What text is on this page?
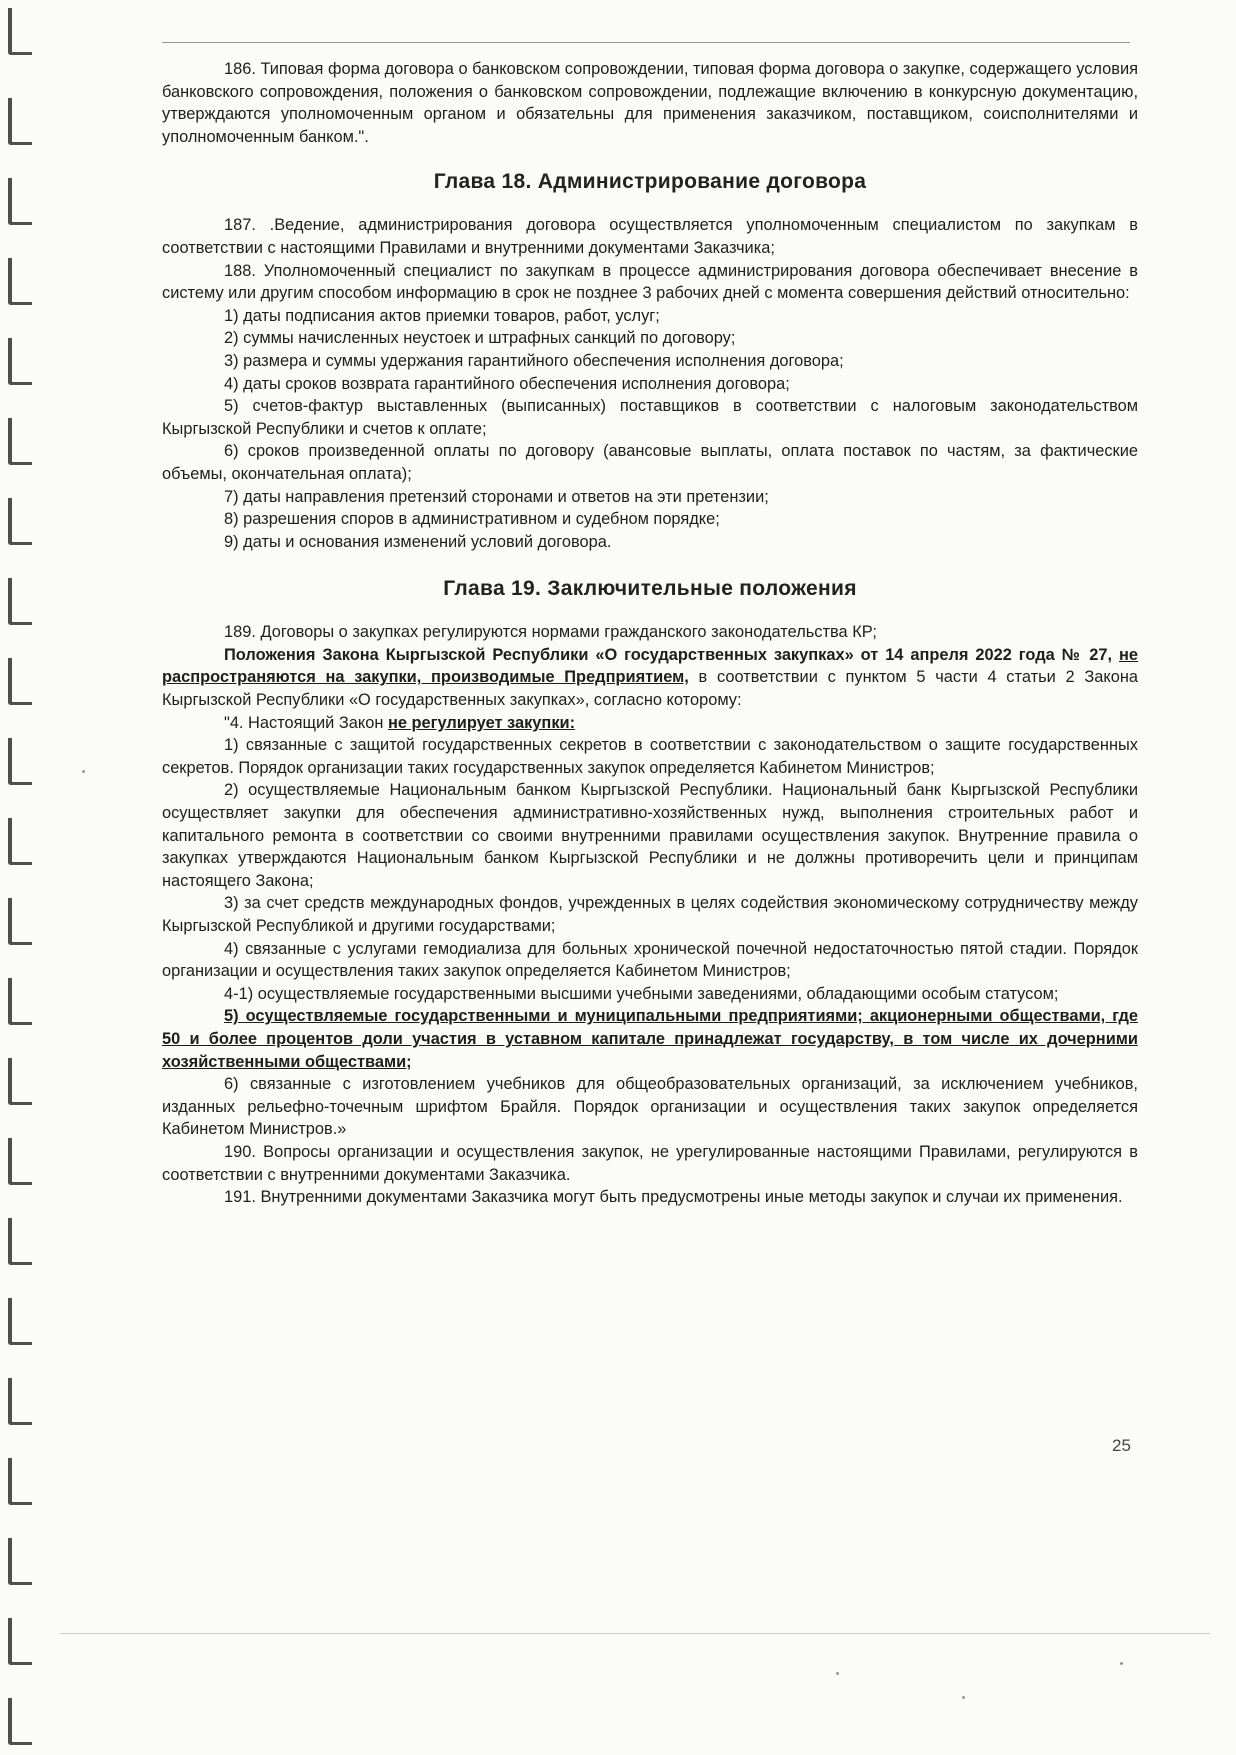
186. Типовая форма договора о банковском сопровождении, типовая форма договора о закупке, содержащего условия банковского сопровождения, положения о банковском сопровождении, подлежащие включению в конкурсную документацию, утверждаются уполномоченным органом и обязательны для применения заказчиком, поставщиком, соисполнителями и уполномоченным банком.".

Глава 18. Администрирование договора

187. .Ведение, администрирования договора осуществляется уполномоченным специалистом по закупкам в соответствии с настоящими Правилами и внутренними документами Заказчика;

188. Уполномоченный специалист по закупкам в процессе администрирования договора обеспечивает внесение в систему или другим способом информацию в срок не позднее 3 рабочих дней с момента совершения действий относительно:

1) даты подписания актов приемки товаров, работ, услуг;

2) суммы начисленных неустоек и штрафных санкций по договору;

3) размера и суммы удержания гарантийного обеспечения исполнения договора;

4) даты сроков возврата гарантийного обеспечения исполнения договора;

5) счетов-фактур выставленных (выписанных) поставщиков в соответствии с налоговым законодательством Кыргызской Республики и счетов к оплате;

6) сроков произведенной оплаты по договору (авансовые выплаты, оплата поставок по частям, за фактические объемы, окончательная оплата);

7) даты направления претензий сторонами и ответов на эти претензии;

8) разрешения споров в административном и судебном порядке;

9) даты и основания изменений условий договора.

Глава 19. Заключительные положения

189. Договоры о закупках регулируются нормами гражданского законодательства КР;

Положения Закона Кыргызской Республики «О государственных закупках» от 14 апреля 2022 года № 27, не распространяются на закупки, производимые Предприятием, в соответствии с пунктом 5 части 4 статьи 2 Закона Кыргызской Республики «О государственных закупках», согласно которому:

"4. Настоящий Закон не регулирует закупки:

1) связанные с защитой государственных секретов в соответствии с законодательством о защите государственных секретов. Порядок организации таких государственных закупок определяется Кабинетом Министров;

2) осуществляемые Национальным банком Кыргызской Республики. Национальный банк Кыргызской Республики осуществляет закупки для обеспечения административно-хозяйственных нужд, выполнения строительных работ и капитального ремонта в соответствии со своими внутренними правилами осуществления закупок. Внутренние правила о закупках утверждаются Национальным банком Кыргызской Республики и не должны противоречить цели и принципам настоящего Закона;

3) за счет средств международных фондов, учрежденных в целях содействия экономическому сотрудничеству между Кыргызской Республикой и другими государствами;

4) связанные с услугами гемодиализа для больных хронической почечной недостаточностью пятой стадии. Порядок организации и осуществления таких закупок определяется Кабинетом Министров;

4-1) осуществляемые государственными высшими учебными заведениями, обладающими особым статусом;

5) осуществляемые государственными и муниципальными предприятиями; акционерными обществами, где 50 и более процентов доли участия в уставном капитале принадлежат государству, в том числе их дочерними хозяйственными обществами;

6) связанные с изготовлением учебников для общеобразовательных организаций, за исключением учебников, изданных рельефно-точечным шрифтом Брайля. Порядок организации и осуществления таких закупок определяется Кабинетом Министров.»

190. Вопросы организации и осуществления закупок, не урегулированные настоящими Правилами, регулируются в соответствии с внутренними документами Заказчика.

191. Внутренними документами Заказчика могут быть предусмотрены иные методы закупок и случаи их применения.

25
